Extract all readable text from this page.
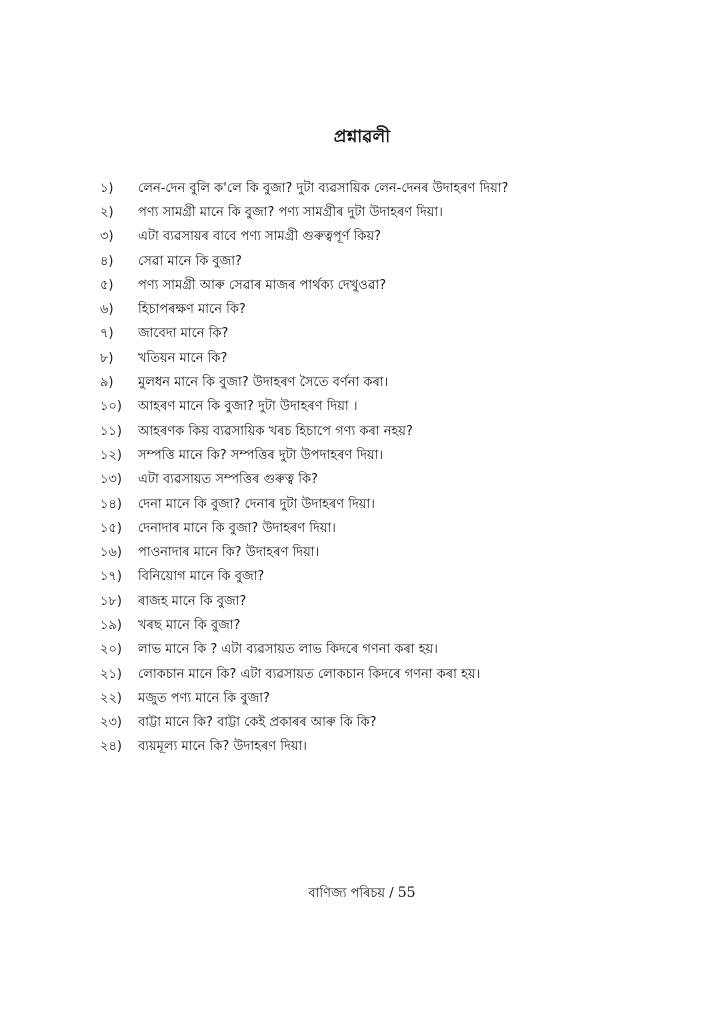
প্ৰশ্নাৱলী
১)	লেন-দেন বুলি ক'লে কি বুজা? দুটা ব্যৱসায়িক লেন-দেনৰ উদাহৰণ দিয়া?
২)	পণ্য সামগ্ৰী মানে কি বুজা? পণ্য সামগ্ৰীৰ দুটা উদাহৰণ দিয়া।
৩)	এটা ব্যৱসায়ৰ বাবে পণ্য সামগ্ৰী গুৰুত্বপূৰ্ণ কিয়?
৪)	সেৱা মানে কি বুজা?
৫)	পণ্য সামগ্ৰী আৰু সেৱাৰ মাজৰ পাৰ্থক্য দেখুওৱা?
৬)	হিচাপৰক্ষণ মানে কি?
৭)	জাবেদা মানে কি?
৮)	খতিয়ন মানে কি?
৯)	মুলধন মানে কি বুজা? উদাহৰণ সৈতে বৰ্ণনা কৰা।
১০)	আহৰণ মানে কি বুজা? দুটা উদাহৰণ দিয়া ।
১১)	আহৰণক কিয় ব্যৱসায়িক খৰচ হিচাপে গণ্য কৰা নহয়?
১২)	সম্পত্তি মানে কি? সম্পত্তিৰ দুটা উপদাহৰণ দিয়া।
১৩)	এটা ব্যৱসায়ত সম্পত্তিৰ গুৰুত্ব কি?
১৪)	দেনা মানে কি বুজা? দেনাৰ দুটা উদাহৰণ দিয়া।
১৫)	দেনাদাৰ মানে কি বুজা? উদাহৰণ দিয়া।
১৬)	পাওনাদাৰ মানে কি? উদাহৰণ দিয়া।
১৭)	বিনিয়োগ মানে কি বুজা?
১৮)	ৰাজহ মানে কি বুজা?
১৯)	খৰছ মানে কি বুজা?
২০)	লাভ মানে কি ? এটা ব্যৱসায়ত লাভ কিদৰে গণনা কৰা হয়।
২১)	লোকচান মানে কি? এটা ব্যৱসায়ত লোকচান কিদৰে গণনা কৰা হয়।
২২)	মজুত পণ্য মানে কি বুজা?
২৩)	বাট্টা মানে কি? বাট্টা কেই প্ৰকাৰৰ আৰু কি কি?
২৪)	ব্যয়মূল্য মানে কি? উদাহৰণ দিয়া।
বাণিজ্য পৰিচয় / 55
